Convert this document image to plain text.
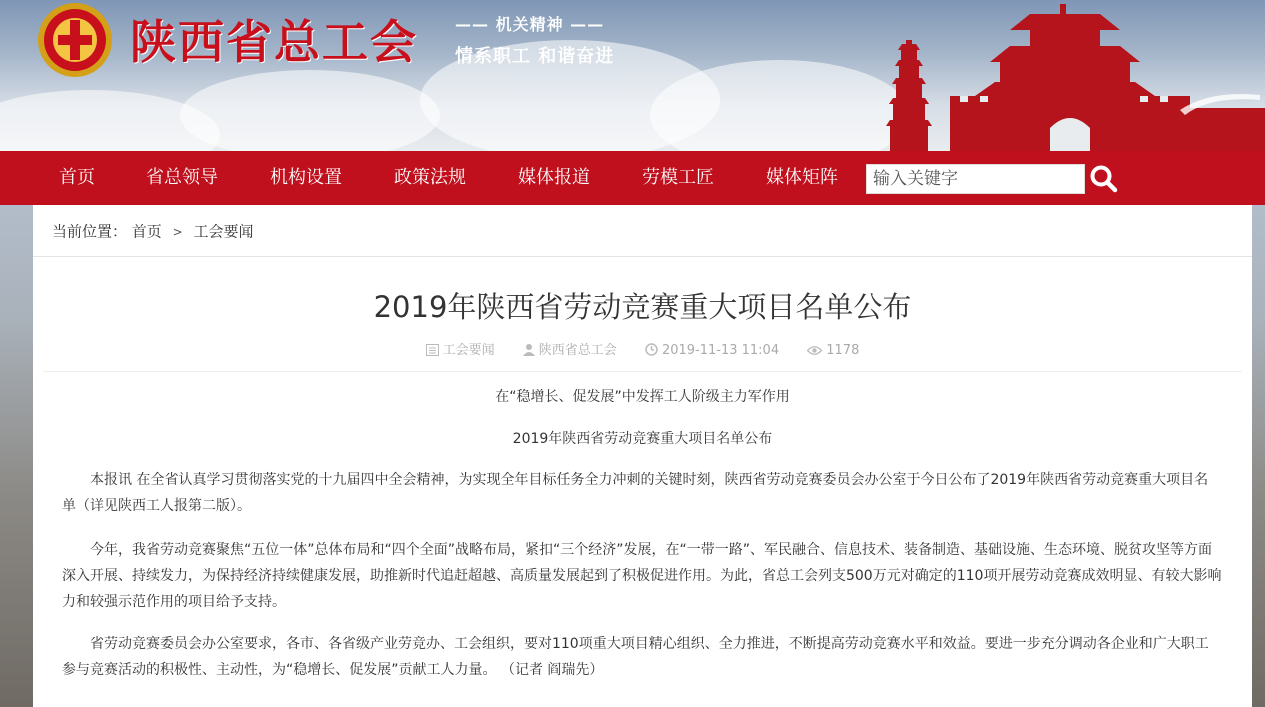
陕西省总工会 —— 机关精神 ——
情系职工 和谐奋进
首页	省总领导	机构设置	政策法规	媒体报道	劳模工匠	媒体矩阵
输入关键字
当前位置： 首页 > 工会要闻
2019年陕西省劳动竞赛重大项目名单公布
工会要闻	陕西省总工会	2019-11-13 11:04	1178
在“稳增长、促发展”中发挥工人阶级主力军作用
2019年陕西省劳动竞赛重大项目名单公布
本报讯 在全省认真学习贯彻落实党的十九届四中全会精神，为实现全年目标任务全力冲刺的关键时刻，陕西省劳动竞赛委员会办公室于今日公布了2019年陕西省劳动竞赛重大项目名单（详见陕西工人报第二版）。
今年，我省劳动竞赛聚焦“五位一体”总体布局和“四个全面”战略布局，紧扣“三个经济”发展，在“一带一路”、军民融合、信息技术、装备制造、基础设施、生态环境、脱贫攻坚等方面深入开展、持续发力，为保持经济持续健康发展，助推新时代追赶超越、高质量发展起到了积极促进作用。为此，省总工会列支500万元对确定的110项开展劳动竞赛成效明显、有较大影响力和较强示范作用的项目给予支持。
省劳动竞赛委员会办公室要求，各市、各省级产业劳竞办、工会组织，要对110项重大项目精心组织、全力推进，不断提高劳动竞赛水平和效益。要进一步充分调动各企业和广大职工参与竞赛活动的积极性、主动性，为“稳增长、促发展”贡献工人力量。 （记者 阎瑞先）
